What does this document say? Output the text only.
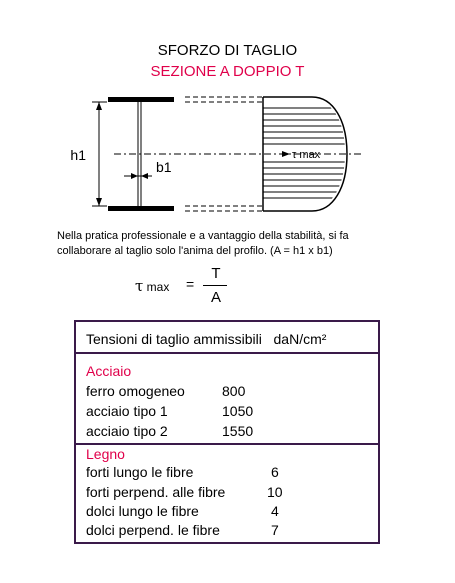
SFORZO DI TAGLIO
SEZIONE A DOPPIO T
h1
b1
τ max
Nella pratica professionale e a vantaggio della stabilità, si fa
collaborare al taglio solo l'anima del profilo. (A = h1 x b1)
τ max =
T
A
Tensioni di taglio ammissibili   daN/cm²
Acciaio
ferro omogeneo	800
acciaio tipo 1	1050
acciaio tipo 2	1550
Legno
forti lungo le fibre	6
forti perpend. alle fibre	10
dolci lungo le fibre	4
dolci perpend. le fibre	7
